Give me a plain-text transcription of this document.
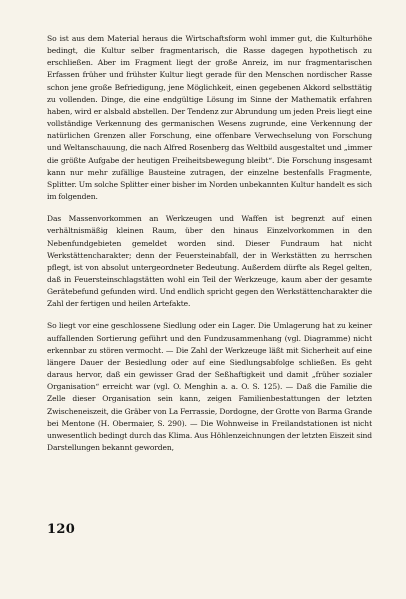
So ist aus dem Material heraus die Wirtschaftsform wohl immer gut, die Kulturhöhe bedingt, die Kultur selber fragmentarisch, die Rasse dagegen hypothetisch zu erschließen. Aber im Fragment liegt der große Anreiz, im nur fragmentarischen Erfassen früher und frühster Kultur liegt gerade für den Menschen nordischer Rasse schon jene große Befriedigung, jene Möglichkeit, einen gegebenen Akkord selbsttätig zu vollenden. Dinge, die eine endgültige Lösung im Sinne der Mathematik erfahren haben, wird er alsbald abstellen. Der Tendenz zur Abrundung um jeden Preis liegt eine vollständige Verkennung des germanischen Wesens zugrunde, eine Verkennung der natürlichen Grenzen aller Forschung, eine offenbare Verwechselung von Forschung und Weltanschauung, die nach Alfred Rosenberg das Weltbild ausgestaltet und „immer die größte Aufgabe der heutigen Freiheitsbewegung bleibt“. Die Forschung insgesamt kann nur mehr zufällige Bausteine zutragen, der einzelne bestenfalls Fragmente, Splitter. Um solche Splitter einer bisher im Norden unbekannten Kultur handelt es sich im folgenden.

Das Massenvorkommen an Werkzeugen und Waffen ist begrenzt auf einen verhältnismäßig kleinen Raum, über den hinaus Einzelvorkommen in den Nebenfundgebieten gemeldet worden sind. Dieser Fundraum hat nicht Werkstättencharakter; denn der Feuersteinabfall, der in Werkstätten zu herrschen pflegt, ist von absolut untergeordneter Bedeutung. Außerdem dürfte als Regel gelten, daß in Feuersteinschlagstätten wohl ein Teil der Werkzeuge, kaum aber der gesamte Gerätebefund gefunden wird. Und endlich spricht gegen den Werkstättencharakter die Zahl der fertigen und heilen Artefakte.

So liegt vor eine geschlossene Siedlung oder ein Lager. Die Umlagerung hat zu keiner auffallenden Sortierung geführt und den Fundzusammenhang (vgl. Diagramme) nicht erkennbar zu stören vermocht. — Die Zahl der Werkzeuge läßt mit Sicherheit auf eine längere Dauer der Besiedlung oder auf eine Siedlungsabfolge schließen. Es geht daraus hervor, daß ein gewisser Grad der Seßhaftigkeit und damit „früher sozialer Organisation“ erreicht war (vgl. O. Menghin a. a. O. S. 125). — Daß die Familie die Zelle dieser Organisation sein kann, zeigen Familienbestattungen der letzten Zwischeneiszeit, die Gräber von La Ferrassie, Dordogne, der Grotte von Barma Grande bei Mentone (H. Obermaier, S. 290). — Die Wohnweise in Freilandstationen ist nicht unwesentlich bedingt durch das Klima. Aus Höhlenzeichnungen der letzten Eiszeit sind Darstellungen bekannt geworden,

120
